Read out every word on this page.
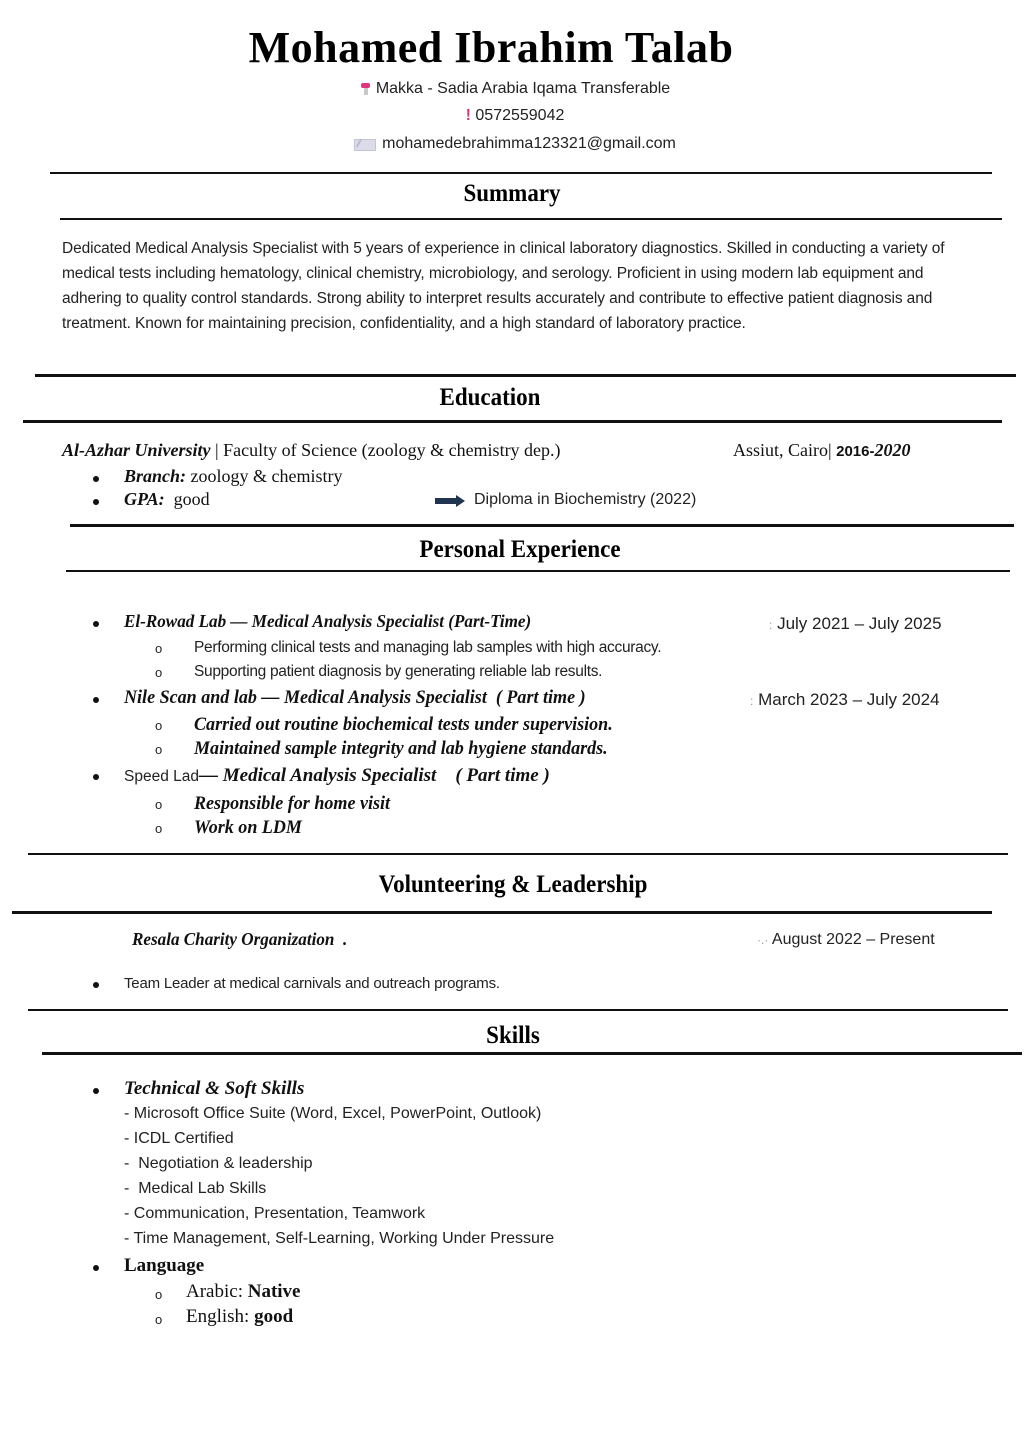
Mohamed Ibrahim Talab
Makka - Sadia Arabia Iqama Transferable
! 0572559042
mohamedebrahimma123321@gmail.com
Summary
Dedicated Medical Analysis Specialist with 5 years of experience in clinical laboratory diagnostics. Skilled in conducting a variety of medical tests including hematology, clinical chemistry, microbiology, and serology. Proficient in using modern lab equipment and adhering to quality control standards. Strong ability to interpret results accurately and contribute to effective patient diagnosis and treatment. Known for maintaining precision, confidentiality, and a high standard of laboratory practice.
Education
Al-Azhar University | Faculty of Science (zoology & chemistry dep.)	Assiut, Cairo| 2016-2020
Branch: zoology & chemistry
GPA:  good	Diploma in Biochemistry (2022)
Personal Experience
El-Rowad Lab — Medical Analysis Specialist (Part-Time)	: July 2021 – July 2025
o Performing clinical tests and managing lab samples with high accuracy.
o Supporting patient diagnosis by generating reliable lab results.
Nile Scan and lab — Medical Analysis Specialist  ( Part time )	: March 2023 – July 2024
o Carried out routine biochemical tests under supervision.
o Maintained sample integrity and lab hygiene standards.
Speed Lad— Medical Analysis Specialist    ( Part time )
o Responsible for home visit
o Work on LDM
Volunteering & Leadership
Resala Charity Organization  .	·.· August 2022 – Present
Team Leader at medical carnivals and outreach programs.
Skills
Technical & Soft Skills
- Microsoft Office Suite (Word, Excel, PowerPoint, Outlook)
- ICDL Certified
-  Negotiation & leadership
-  Medical Lab Skills
- Communication, Presentation, Teamwork
- Time Management, Self-Learning, Working Under Pressure
Language
o Arabic: Native
o English: good
